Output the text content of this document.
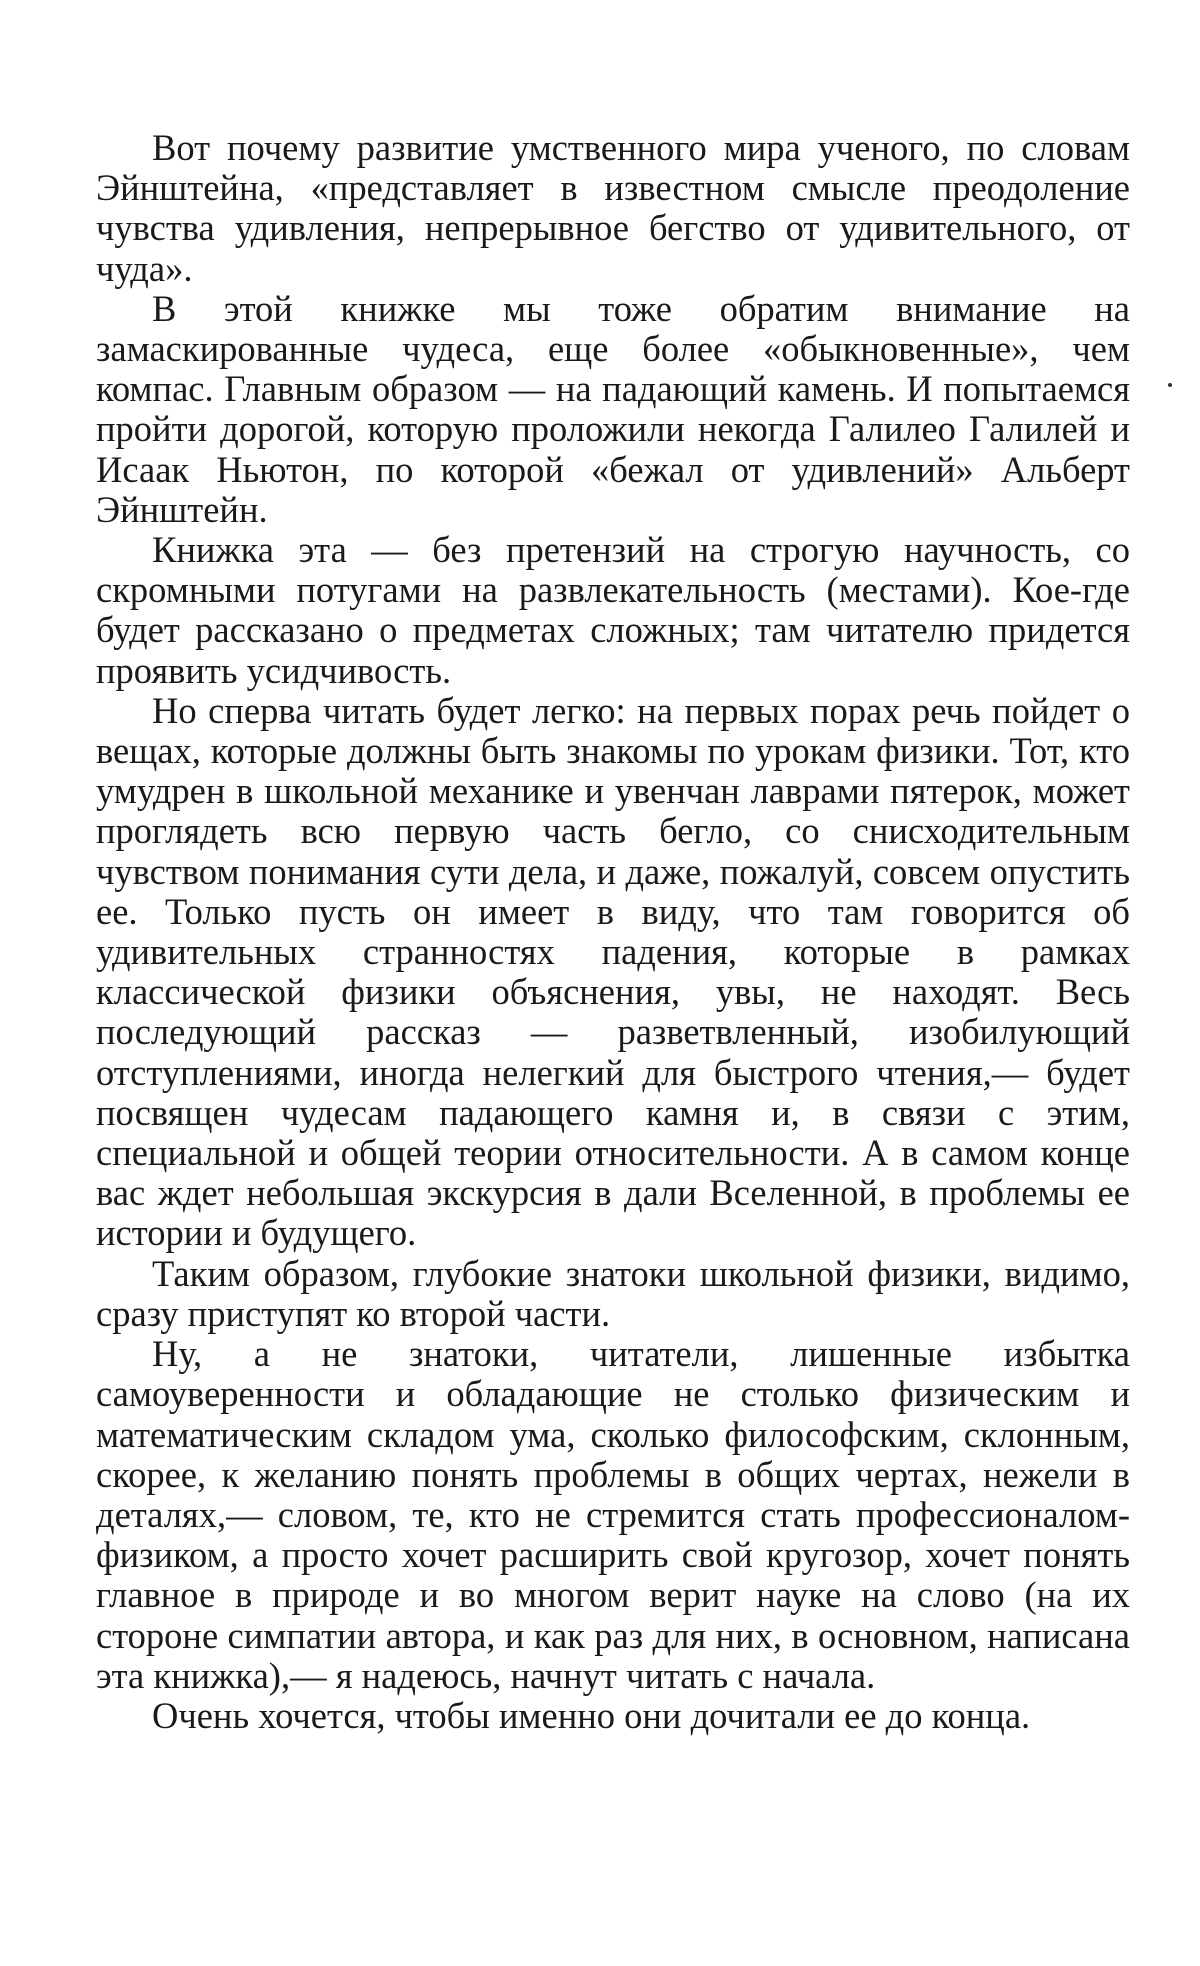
Вот почему развитие умственного мира ученого, по словам Эйнштейна, «представляет в известном смысле преодоление чувства удивления, непрерывное бегство от удивительного, от чуда».

В этой книжке мы тоже обратим внимание на замаскированные чудеса, еще более «обыкновенные», чем компас. Главным образом — на падающий камень. И попытаемся пройти дорогой, которую проложили некогда Галилео Галилей и Исаак Ньютон, по которой «бежал от удивлений» Альберт Эйнштейн.

Книжка эта — без претензий на строгую научность, со скромными потугами на развлекательность (местами). Кое-где будет рассказано о предметах сложных; там читателю придется проявить усидчивость.

Но сперва читать будет легко: на первых порах речь пойдет о вещах, которые должны быть знакомы по урокам физики. Тот, кто умудрен в школьной механике и увенчан лаврами пятерок, может проглядеть всю первую часть бегло, со снисходительным чувством понимания сути дела, и даже, пожалуй, совсем опустить ее. Только пусть он имеет в виду, что там говорится об удивительных странностях падения, которые в рамках классической физики объяснения, увы, не находят. Весь последующий рассказ — разветвленный, изобилующий отступлениями, иногда нелегкий для быстрого чтения,— будет посвящен чудесам падающего камня и, в связи с этим, специальной и общей теории относительности. А в самом конце вас ждет небольшая экскурсия в дали Вселенной, в проблемы ее истории и будущего.

Таким образом, глубокие знатоки школьной физики, видимо, сразу приступят ко второй части.

Ну, а не знатоки, читатели, лишенные избытка самоуверенности и обладающие не столько физическим и математическим складом ума, сколько философским, склонным, скорее, к желанию понять проблемы в общих чертах, нежели в деталях,— словом, те, кто не стремится стать профессионалом-физиком, а просто хочет расширить свой кругозор, хочет понять главное в природе и во многом верит науке на слово (на их стороне симпатии автора, и как раз для них, в основном, написана эта книжка),— я надеюсь, начнут читать с начала.

Очень хочется, чтобы именно они дочитали ее до конца.
